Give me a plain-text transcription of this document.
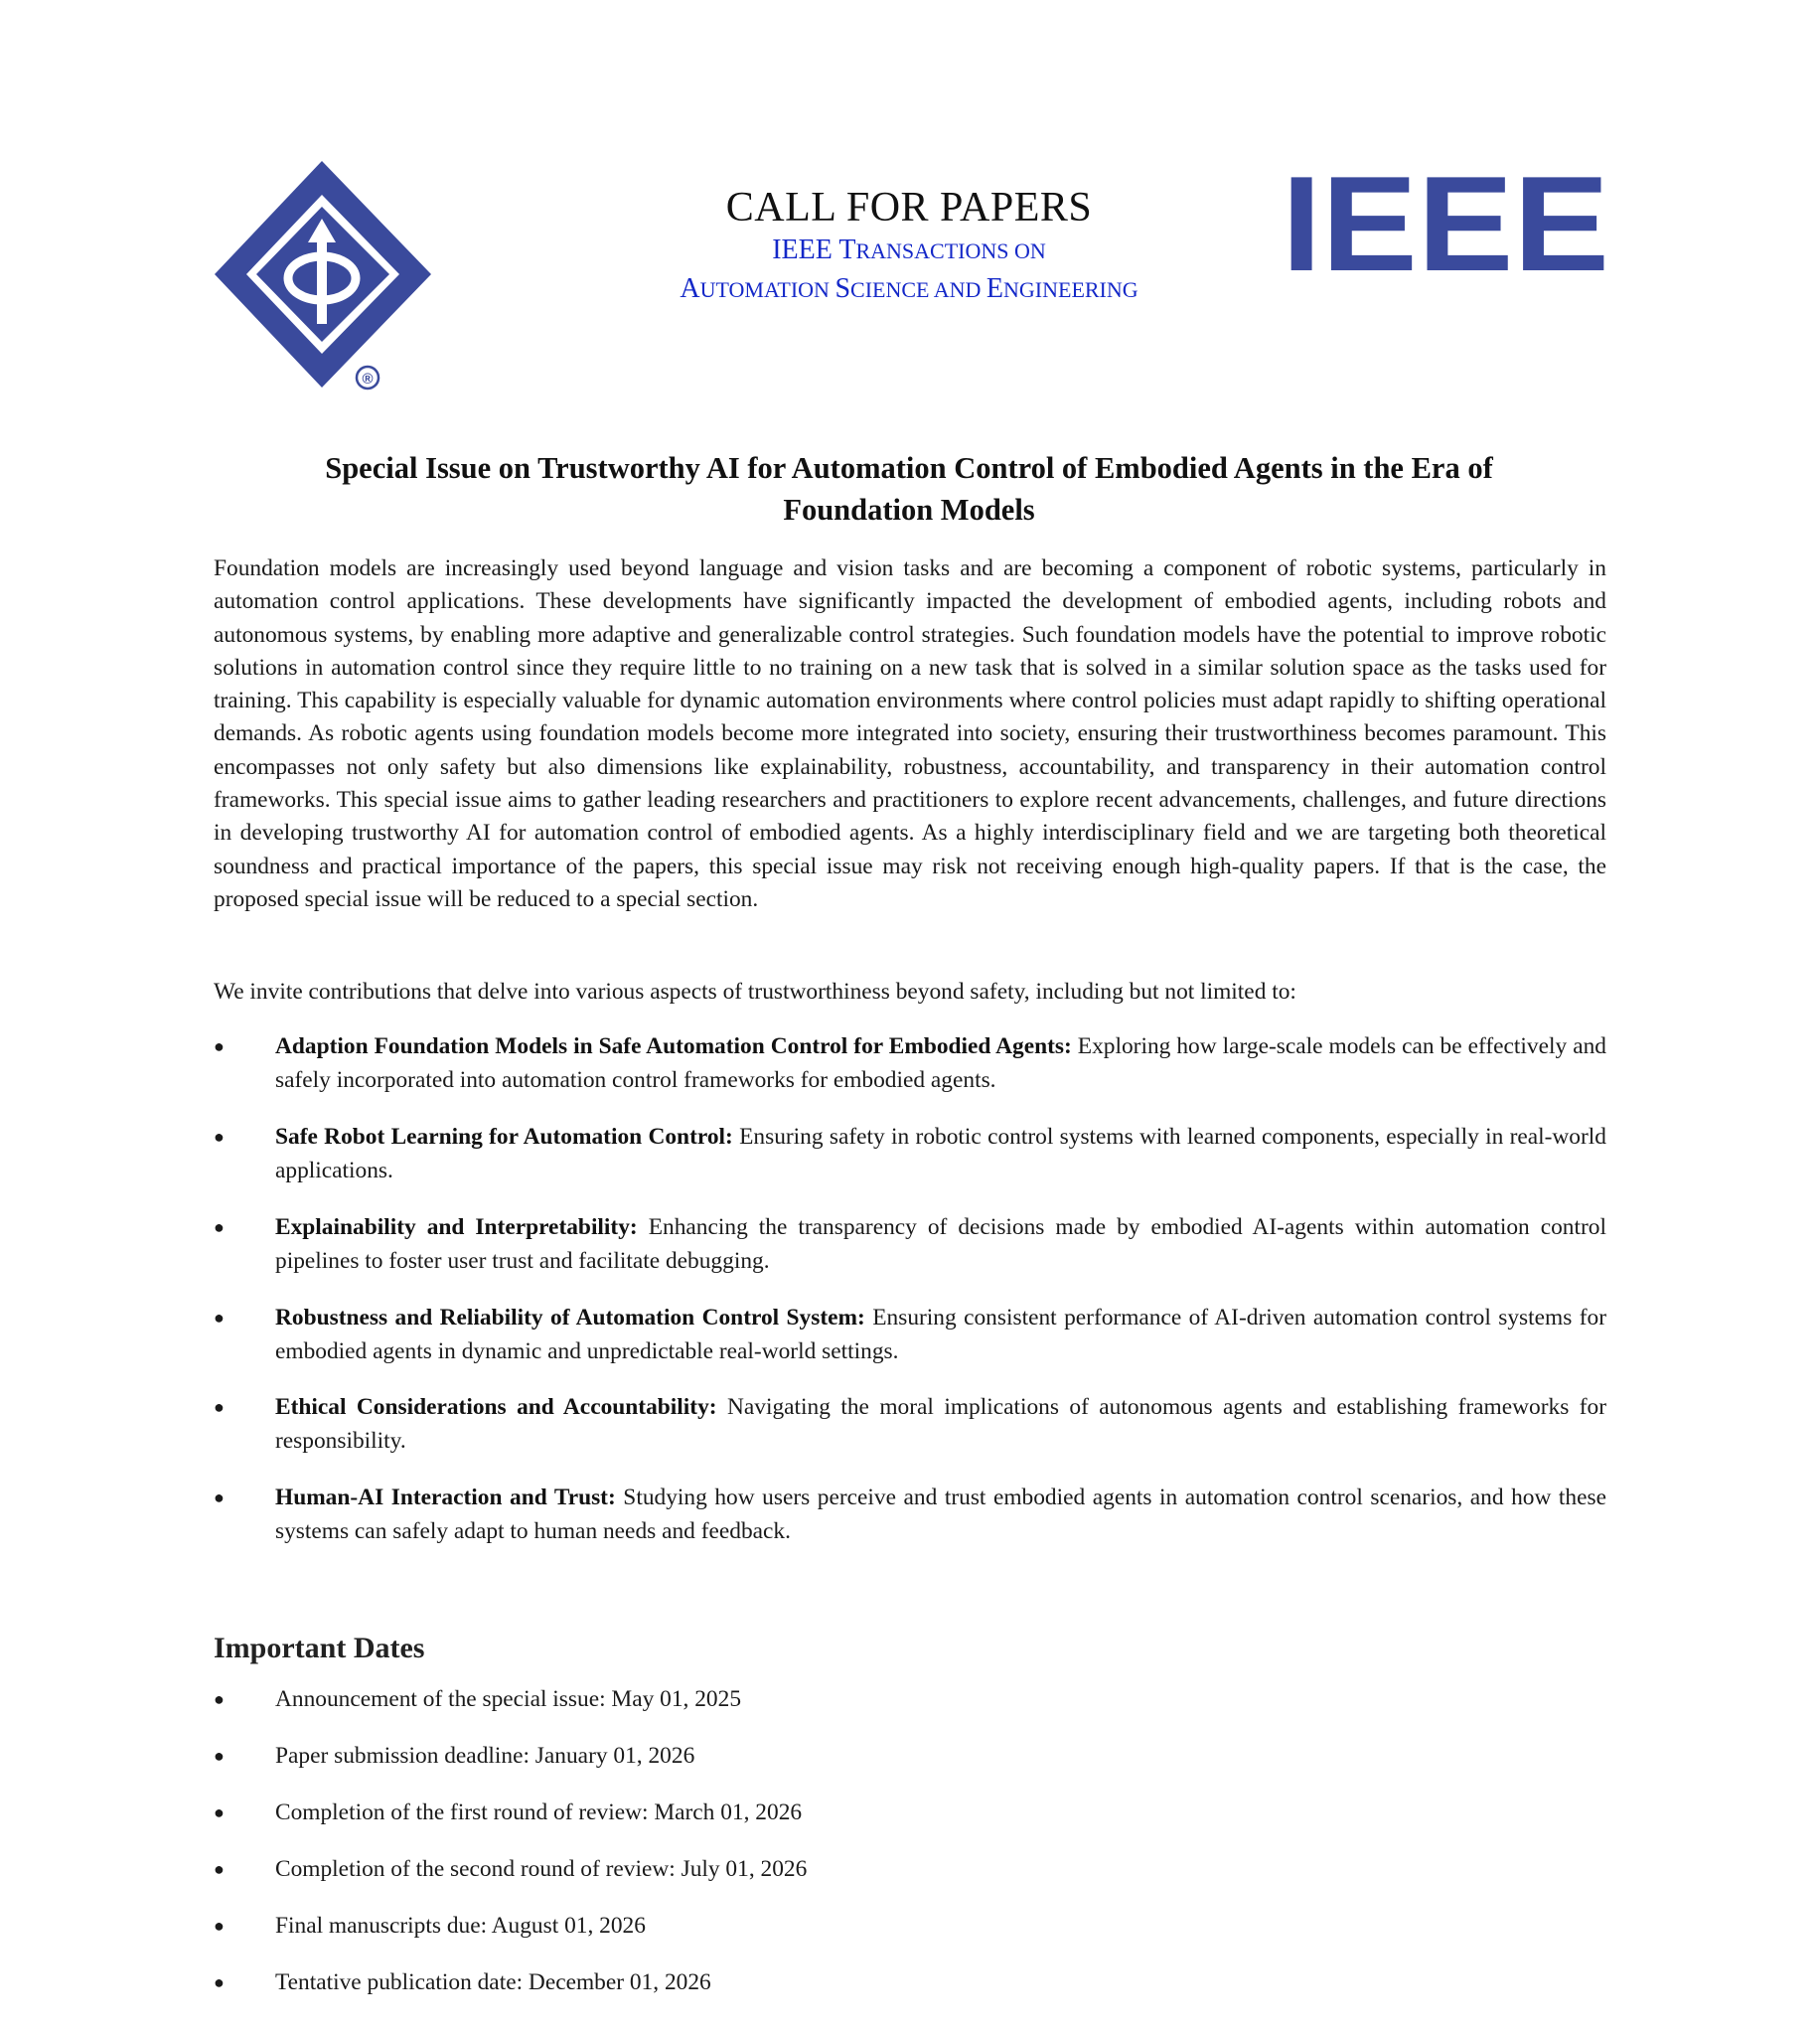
®
CALL FOR PAPERS
IEEE TRANSACTIONS ON
AUTOMATION SCIENCE AND ENGINEERING	IEEE
Special Issue on Trustworthy AI for Automation Control of Embodied Agents in the Era of
Foundation Models
Foundation models are increasingly used beyond language and vision tasks and are becoming a component of robotic systems, particularly in automation control applications. These developments have significantly impacted the development of embodied agents, including robots and autonomous systems, by enabling more adaptive and generalizable control strategies. Such foundation models have the potential to improve robotic solutions in automation control since they require little to no training on a new task that is solved in a similar solution space as the tasks used for training. This capability is especially valuable for dynamic automation environments where control policies must adapt rapidly to shifting operational demands. As robotic agents using foundation models become more integrated into society, ensuring their trustworthiness becomes paramount. This encompasses not only safety but also dimensions like explainability, robustness, accountability, and transparency in their automation control frameworks. This special issue aims to gather leading researchers and practitioners to explore recent advancements, challenges, and future directions in developing trustworthy AI for automation control of embodied agents. As a highly interdisciplinary field and we are targeting both theoretical soundness and practical importance of the papers, this special issue may risk not receiving enough high-quality papers. If that is the case, the proposed special issue will be reduced to a special section.
We invite contributions that delve into various aspects of trustworthiness beyond safety, including but not limited to:
●	Adaption Foundation Models in Safe Automation Control for Embodied Agents: Exploring how large-scale models can be effectively and safely incorporated into automation control frameworks for embodied agents.
●	Safe Robot Learning for Automation Control: Ensuring safety in robotic control systems with learned components, especially in real-world applications.
●	Explainability and Interpretability: Enhancing the transparency of decisions made by embodied AI-agents within automation control pipelines to foster user trust and facilitate debugging.
●	Robustness and Reliability of Automation Control System: Ensuring consistent performance of AI-driven automation control systems for embodied agents in dynamic and unpredictable real-world settings.
●	Ethical Considerations and Accountability: Navigating the moral implications of autonomous agents and establishing frameworks for responsibility.
●	Human-AI Interaction and Trust: Studying how users perceive and trust embodied agents in automation control scenarios, and how these systems can safely adapt to human needs and feedback.
Important Dates
● Announcement of the special issue: May 01, 2025
● Paper submission deadline: January 01, 2026
● Completion of the first round of review: March 01, 2026
● Completion of the second round of review: July 01, 2026
● Final manuscripts due: August 01, 2026
● Tentative publication date: December 01, 2026
